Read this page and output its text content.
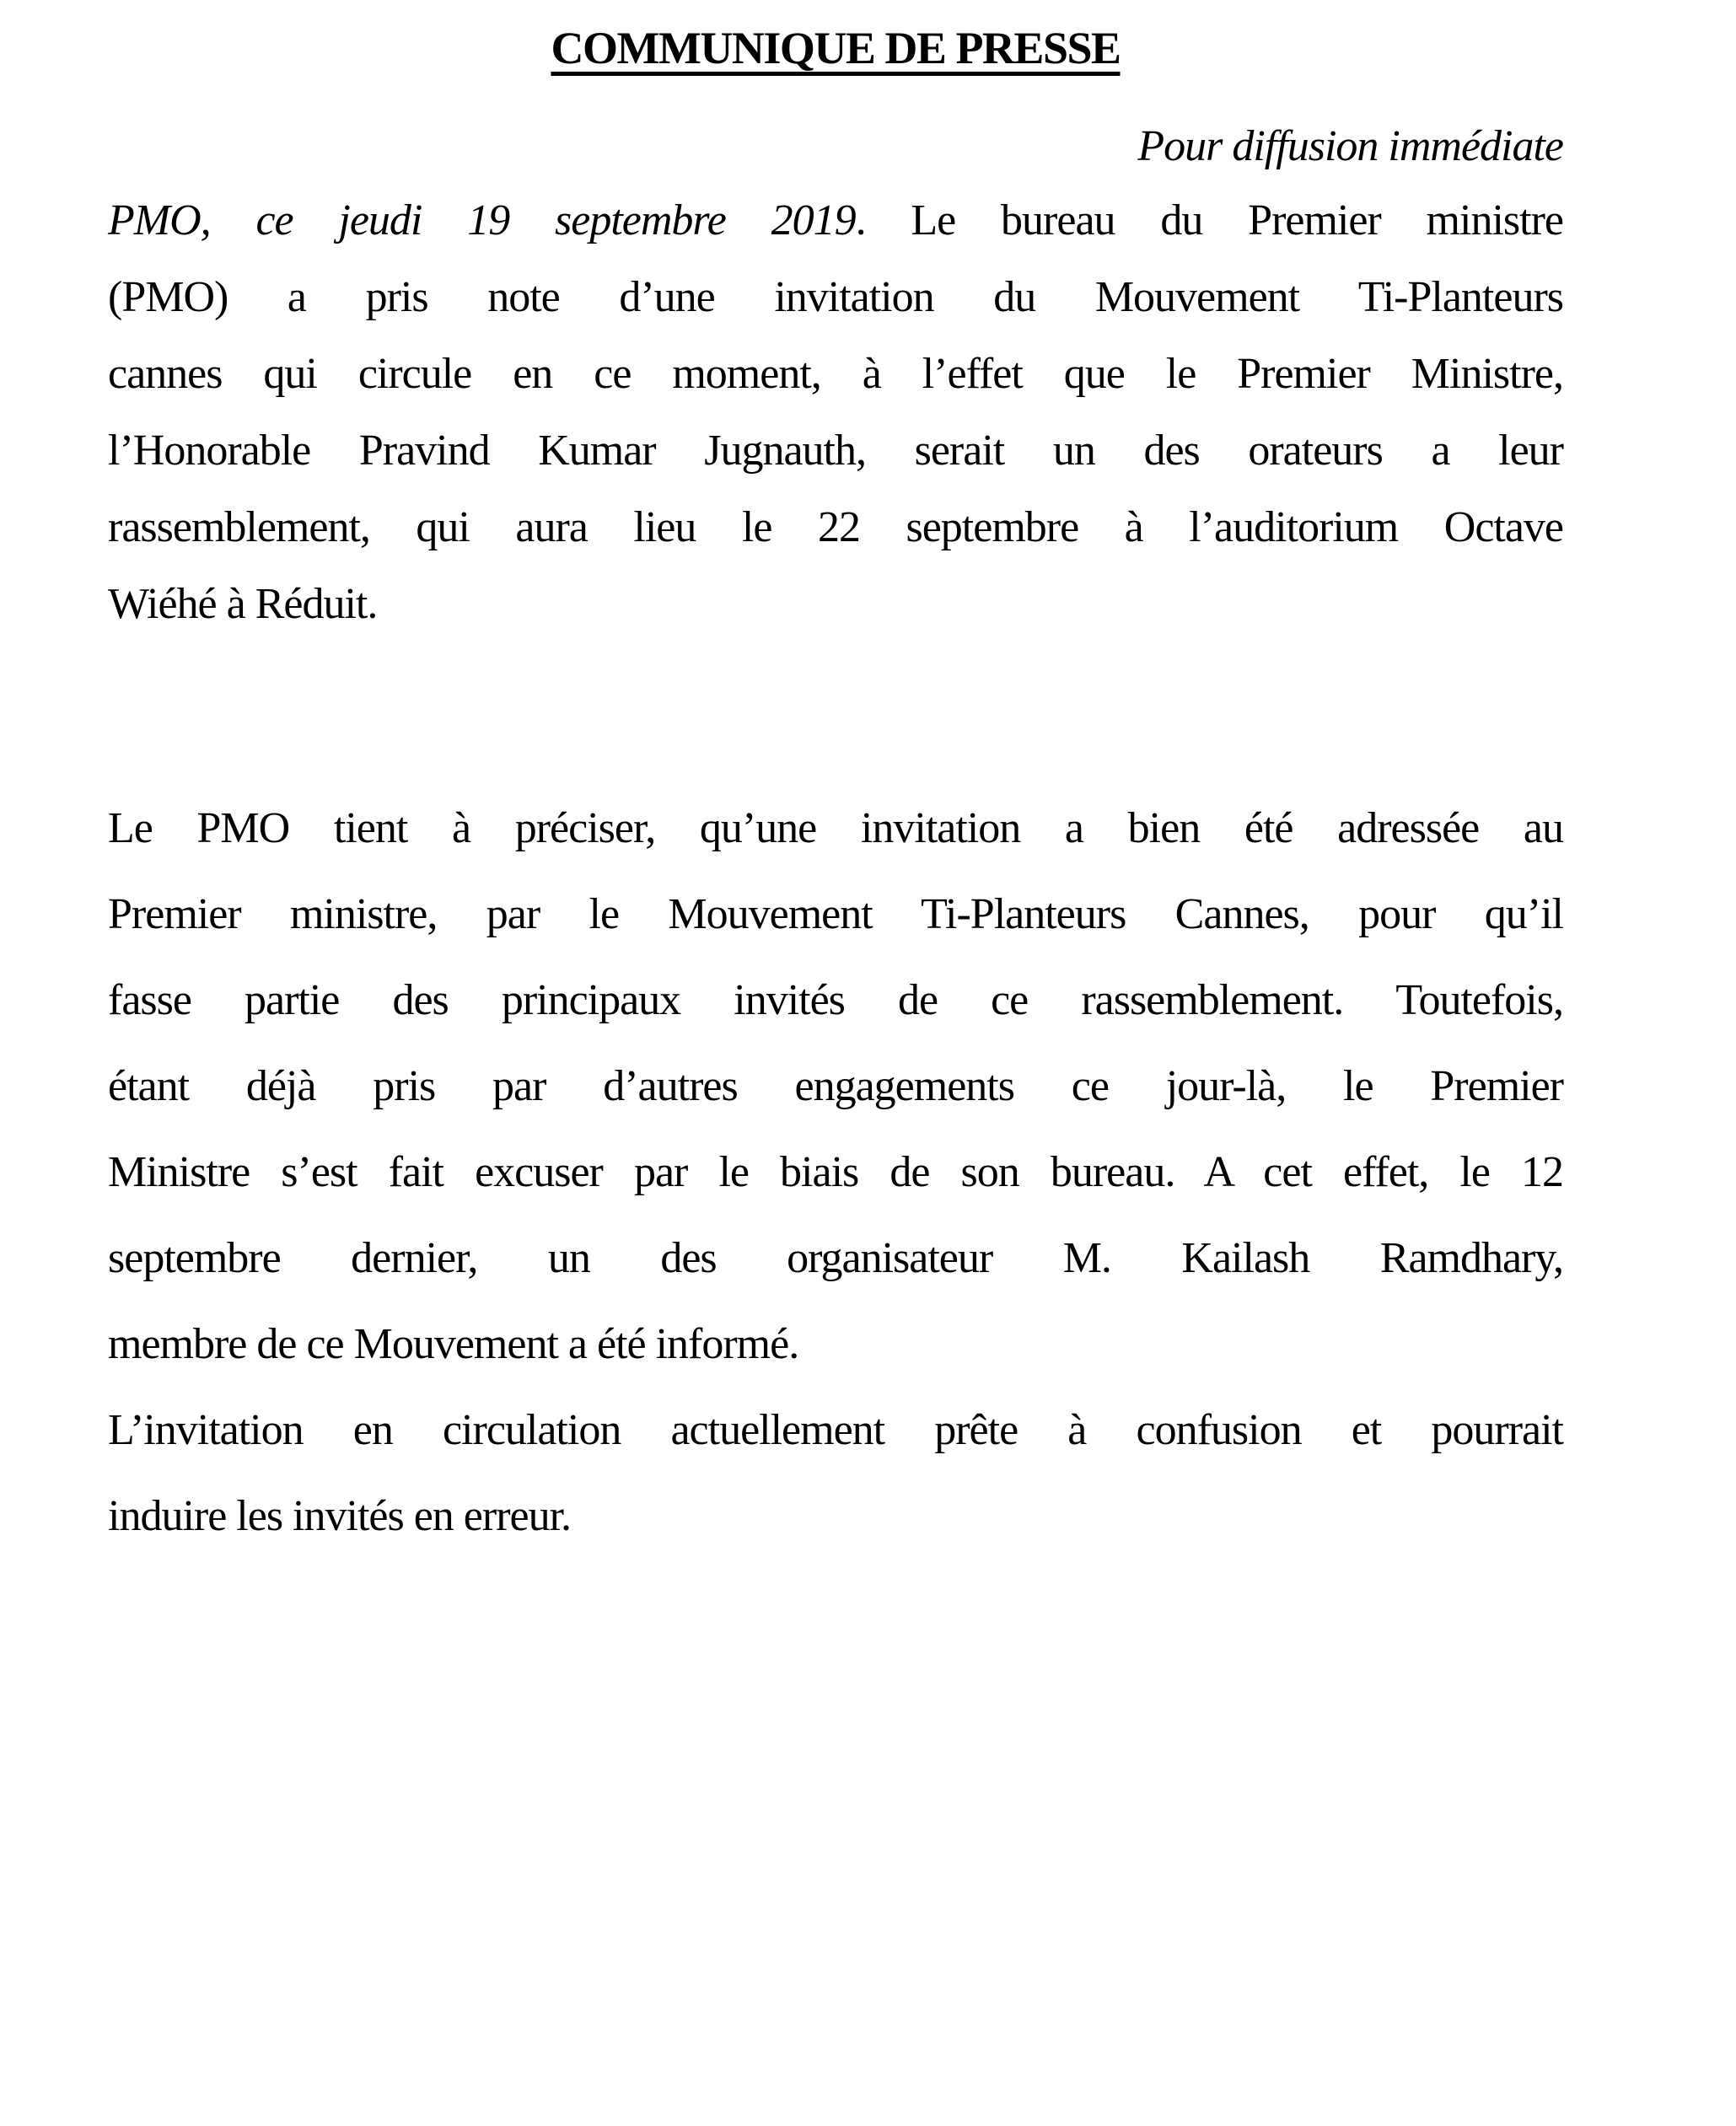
COMMUNIQUE DE PRESSE
Pour diffusion immédiate
PMO, ce jeudi 19 septembre 2019. Le bureau du Premier ministre
(PMO) a pris note d’une invitation du Mouvement Ti-Planteurs
cannes qui circule en ce moment, à l’effet que le Premier Ministre,
l’Honorable Pravind Kumar Jugnauth, serait un des orateurs a leur
rassemblement, qui aura lieu le 22 septembre à l’auditorium Octave
Wiéhé à Réduit.
Le PMO tient à préciser, qu’une invitation a bien été adressée au
Premier ministre, par le Mouvement Ti-Planteurs Cannes, pour qu’il
fasse partie des principaux invités de ce rassemblement. Toutefois,
étant déjà pris par d’autres engagements ce jour-là, le Premier
Ministre s’est fait excuser par le biais de son bureau. A cet effet, le 12
septembre dernier, un des organisateur M. Kailash Ramdhary,
membre de ce Mouvement a été informé.
L’invitation en circulation actuellement prête à confusion et pourrait
induire les invités en erreur.
